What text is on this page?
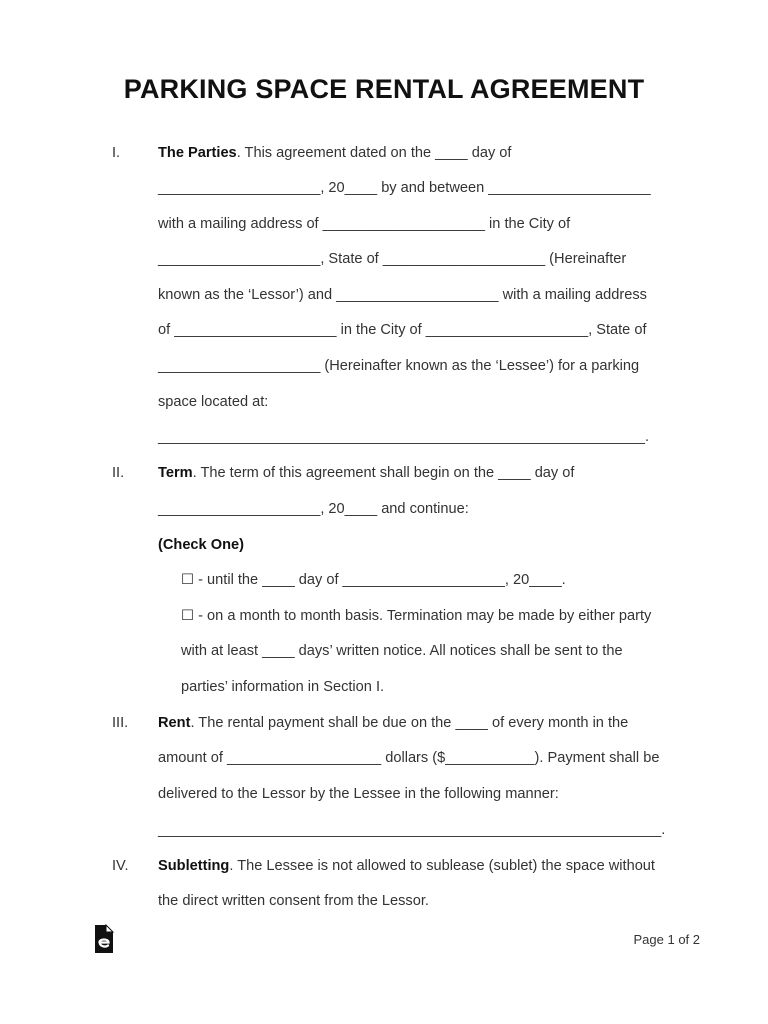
PARKING SPACE RENTAL AGREEMENT
I.	The Parties. This agreement dated on the ____ day of
____________________, 20____ by and between ____________________
with a mailing address of ____________________ in the City of
____________________, State of ____________________ (Hereinafter
known as the ‘Lessor’) and ____________________ with a mailing address
of ____________________ in the City of ____________________, State of
____________________ (Hereinafter known as the ‘Lessee’) for a parking
space located at:
____________________________________________________________.
II. Term. The term of this agreement shall begin on the ____ day of
____________________, 20____ and continue:
(Check One)
☐ - until the ____ day of ____________________, 20____.
☐ - on a month to month basis. Termination may be made by either party
with at least ____ days’ written notice. All notices shall be sent to the
parties’ information in Section I.
III. Rent. The rental payment shall be due on the ____ of every month in the
amount of ___________________ dollars ($___________). Payment shall be
delivered to the Lessor by the Lessee in the following manner:
______________________________________________________________.
IV. Subletting. The Lessee is not allowed to sublease (sublet) the space without
the direct written consent from the Lessor.
Page 1 of 2
